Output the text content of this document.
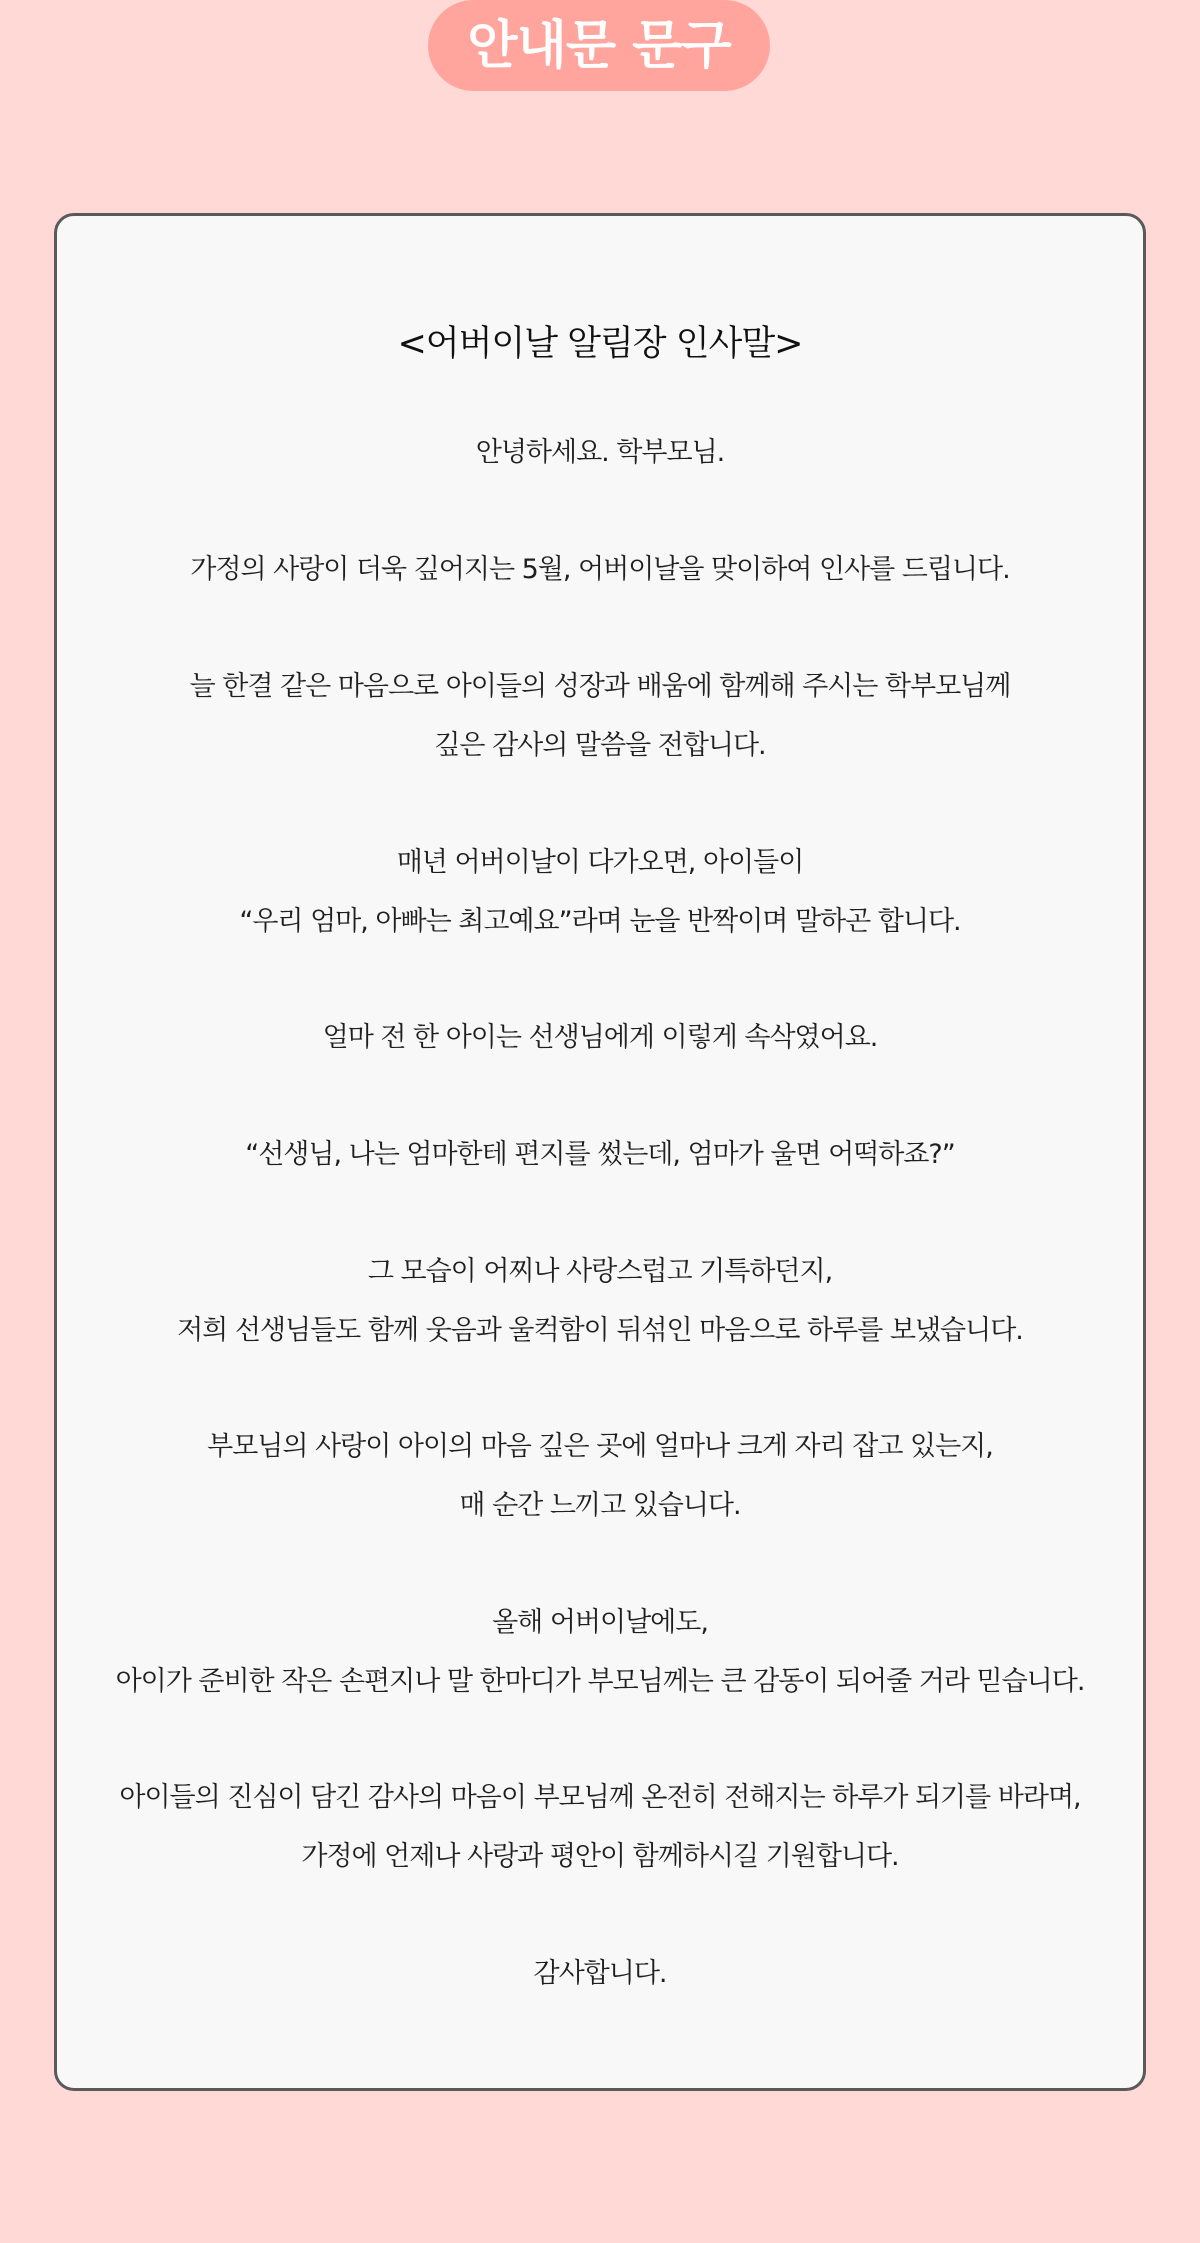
안내문 문구
<어버이날 알림장 인사말>

안녕하세요. 학부모님.

가정의 사랑이 더욱 깊어지는 5월, 어버이날을 맞이하여 인사를 드립니다.

늘 한결 같은 마음으로 아이들의 성장과 배움에 함께해 주시는 학부모님께
깊은 감사의 말씀을 전합니다.

매년 어버이날이 다가오면, 아이들이
“우리 엄마, 아빠는 최고예요”라며 눈을 반짝이며 말하곤 합니다.

얼마 전 한 아이는 선생님에게 이렇게 속삭였어요.

“선생님, 나는 엄마한테 편지를 썼는데, 엄마가 울면 어떡하죠?”

그 모습이 어찌나 사랑스럽고 기특하던지,
저희 선생님들도 함께 웃음과 울컥함이 뒤섞인 마음으로 하루를 보냈습니다.

부모님의 사랑이 아이의 마음 깊은 곳에 얼마나 크게 자리 잡고 있는지,
매 순간 느끼고 있습니다.

올해 어버이날에도,
아이가 준비한 작은 손편지나 말 한마디가 부모님께는 큰 감동이 되어줄 거라 믿습니다.

아이들의 진심이 담긴 감사의 마음이 부모님께 온전히 전해지는 하루가 되기를 바라며,
가정에 언제나 사랑과 평안이 함께하시길 기원합니다.

감사합니다.
